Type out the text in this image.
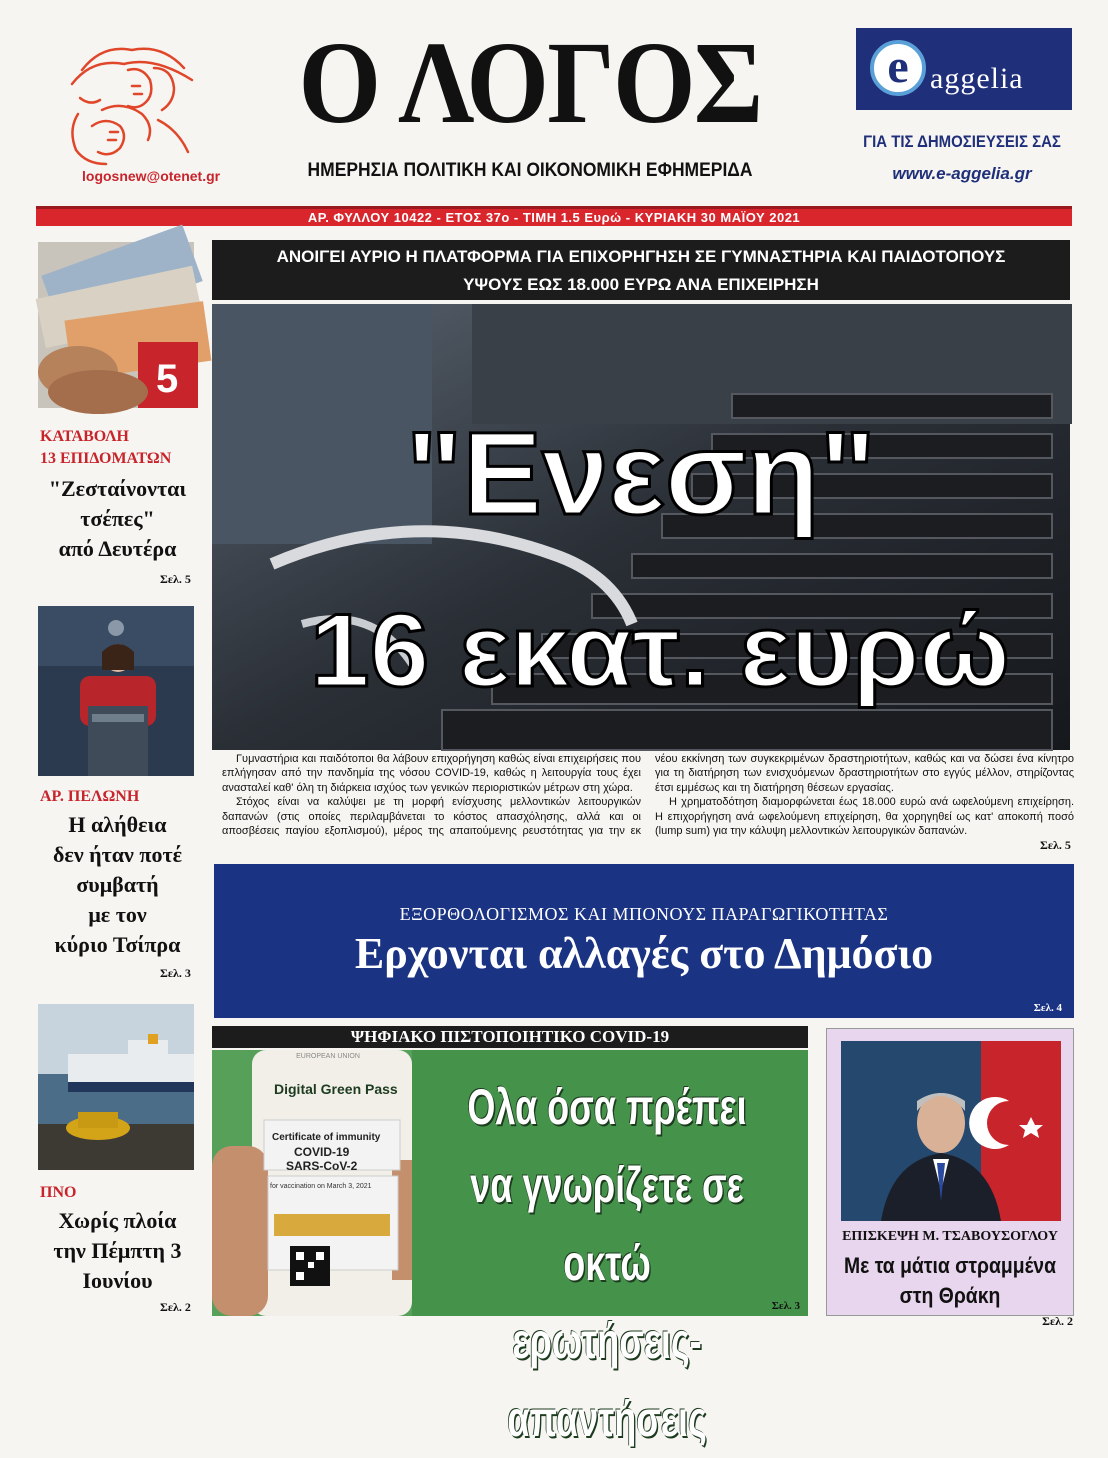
logosnew@otenet.gr
Ο ΛΟΓΟΣ
ΗΜΕΡΗΣΙΑ ΠΟΛΙΤΙΚΗ ΚΑΙ ΟΙΚΟΝΟΜΙΚΗ ΕΦΗΜΕΡΙΔΑ
e aggelia
ΓΙΑ ΤΙΣ ΔΗΜΟΣΙΕΥΣΕΙΣ ΣΑΣ
www.e-aggelia.gr
ΑΡ. ΦΥΛΛΟΥ 10422 - ΕΤΟΣ 37ο - ΤΙΜΗ 1.5 Ευρώ - ΚΥΡΙΑΚΗ 30 ΜΑΪΟΥ 2021
5
ΚΑΤΑΒΟΛΗ
13 ΕΠΙΔΟΜΑΤΩΝ
"Ζεσταίνονται
τσέπες"
από Δευτέρα
Σελ. 5
ΑΡ. ΠΕΛΩΝΗ
Η αλήθεια
δεν ήταν ποτέ
συμβατή
με τον
κύριο Τσίπρα
Σελ. 3
ΠΝΟ
Χωρίς πλοία
την Πέμπτη 3
Ιουνίου
Σελ. 2
ΑΝΟΙΓΕΙ ΑΥΡΙΟ Η ΠΛΑΤΦΟΡΜΑ ΓΙΑ ΕΠΙΧΟΡΗΓΗΣΗ ΣΕ ΓΥΜΝΑΣΤΗΡΙΑ ΚΑΙ ΠΑΙΔΟΤΟΠΟΥΣ
ΥΨΟΥΣ ΕΩΣ 18.000 ΕΥΡΩ ΑΝΑ ΕΠΙΧΕΙΡΗΣΗ
"Ενεση"
16 εκατ. ευρώ

Γυμναστήρια και παιδότοποι θα λάβουν επιχορήγηση καθώς είναι επιχειρήσεις που επλήγησαν από την πανδημία της νόσου COVID-19, καθώς η λειτουργία τους έχει ανασταλεί καθ' όλη τη διάρκεια ισχύος των γενικών περιοριστικών μέτρων στη χώρα.

Στόχος είναι να καλύψει με τη μορφή ενίσχυσης μελλοντικών λειτουργικών δαπανών (στις οποίες περιλαμβάνεται το κόστος απασχόλησης, αλλά και οι αποσβέσεις παγίου εξοπλισμού), μέρος της απαιτούμενης ρευστότητας για την εκ νέου εκκίνηση των συγκεκριμένων δραστηριοτήτων, καθώς και να δώσει ένα κίνητρο για τη διατήρηση των ενισχυόμενων δραστηριοτήτων στο εγγύς μέλλον, στηρίζοντας έτσι εμμέσως και τη διατήρηση θέσεων εργασίας.

Η χρηματοδότηση διαμορφώνεται έως 18.000 ευρώ ανά ωφελούμενη επιχείρηση. Η επιχορήγηση ανά ωφελούμενη επιχείρηση, θα χορηγηθεί ως κατ' αποκοπή ποσό (lump sum) για την κάλυψη μελλοντικών λειτουργικών δαπανών.

Σελ. 5
ΕΞΟΡΘΟΛΟΓΙΣΜΟΣ ΚΑΙ ΜΠΟΝΟΥΣ ΠΑΡΑΓΩΓΙΚΟΤΗΤΑΣ
Ερχονται αλλαγές στο Δημόσιο
Σελ. 4
ΨΗΦΙΑΚΟ ΠΙΣΤΟΠΟΙΗΤΙΚΟ COVID-19
Digital Green Pass
EUROPEAN UNION
Certificate of immunity
COVID-19
SARS-CoV-2
for vaccination on March 3, 2021
Ολα όσα πρέπει
να γνωρίζετε σε οκτώ
ερωτήσεις-απαντήσεις
Σελ. 3
ΕΠΙΣΚΕΨΗ Μ. ΤΣΑΒΟΥΣΟΓΛΟΥ
Με τα μάτια στραμμένα
στη Θράκη
Σελ. 2
